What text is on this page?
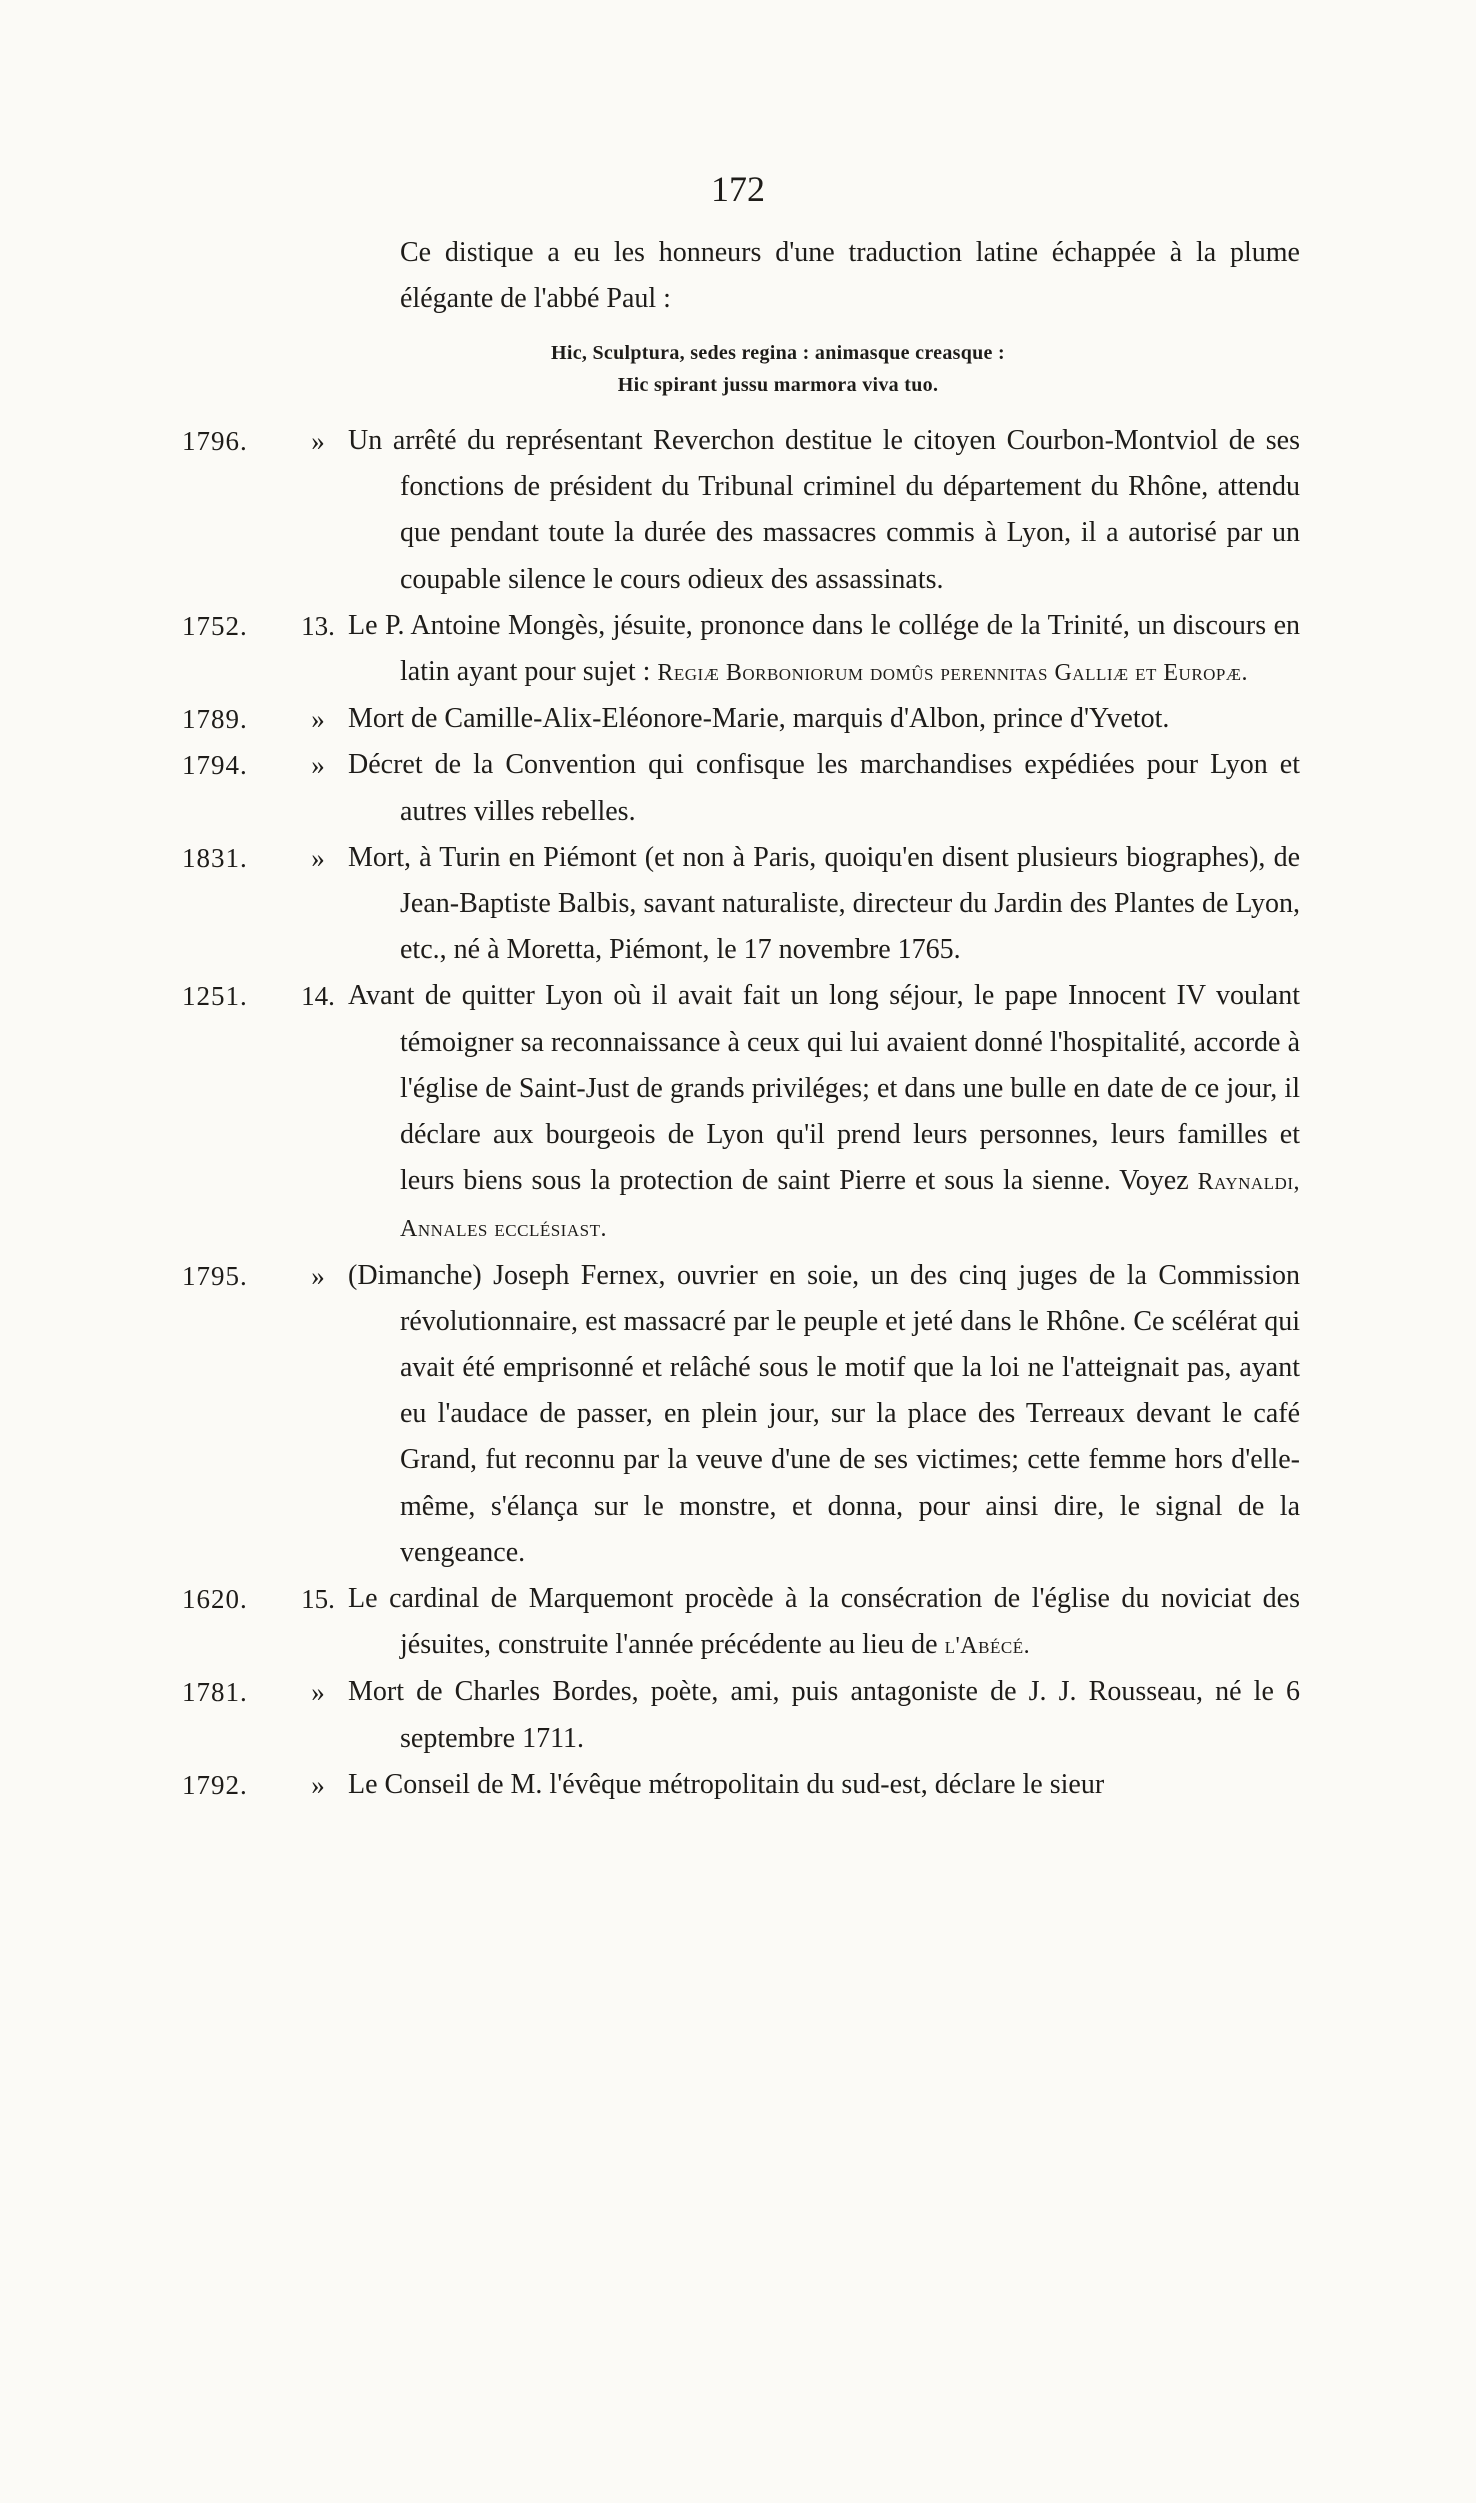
172
Ce distique a eu les honneurs d'une traduction latine échappée à la plume élégante de l'abbé Paul :
Hic, Sculptura, sedes regina : animasque creasque :
Hic spirant jussu marmora viva tuo.
1796.	» Un arrêté du représentant Reverchon destitue le citoyen Courbon-Montviol de ses fonctions de président du Tribunal criminel du département du Rhône, attendu que pendant toute la durée des massacres commis à Lyon, il a autorisé par un coupable silence le cours odieux des assassinats.
1752.	13. Le P. Antoine Mongès, jésuite, prononce dans le collége de la Trinité, un discours en latin ayant pour sujet : Regiæ Borboniorum domûs perennitas Galliæ et Europæ.
1789.	» Mort de Camille-Alix-Eléonore-Marie, marquis d'Albon, prince d'Yvetot.
1794.	» Décret de la Convention qui confisque les marchandises expédiées pour Lyon et autres villes rebelles.
1831.	» Mort, à Turin en Piémont (et non à Paris, quoiqu'en disent plusieurs biographes), de Jean-Baptiste Balbis, savant naturaliste, directeur du Jardin des Plantes de Lyon, etc., né à Moretta, Piémont, le 17 novembre 1765.
1251.	14. Avant de quitter Lyon où il avait fait un long séjour, le pape Innocent IV voulant témoigner sa reconnaissance à ceux qui lui avaient donné l'hospitalité, accorde à l'église de Saint-Just de grands priviléges; et dans une bulle en date de ce jour, il déclare aux bourgeois de Lyon qu'il prend leurs personnes, leurs familles et leurs biens sous la protection de saint Pierre et sous la sienne. Voyez Raynaldi, Annales ecclésiast.
1795.	» (Dimanche) Joseph Fernex, ouvrier en soie, un des cinq juges de la Commission révolutionnaire, est massacré par le peuple et jeté dans le Rhône. Ce scélérat qui avait été emprisonné et relâché sous le motif que la loi ne l'atteignait pas, ayant eu l'audace de passer, en plein jour, sur la place des Terreaux devant le café Grand, fut reconnu par la veuve d'une de ses victimes; cette femme hors d'elle-même, s'élança sur le monstre, et donna, pour ainsi dire, le signal de la vengeance.
1620.	15. Le cardinal de Marquemont procède à la consécration de l'église du noviciat des jésuites, construite l'année précédente au lieu de l'Abécé.
1781.	» Mort de Charles Bordes, poète, ami, puis antagoniste de J. J. Rousseau, né le 6 septembre 1711.
1792.	» Le Conseil de M. l'évêque métropolitain du sud-est, déclare le sieur
